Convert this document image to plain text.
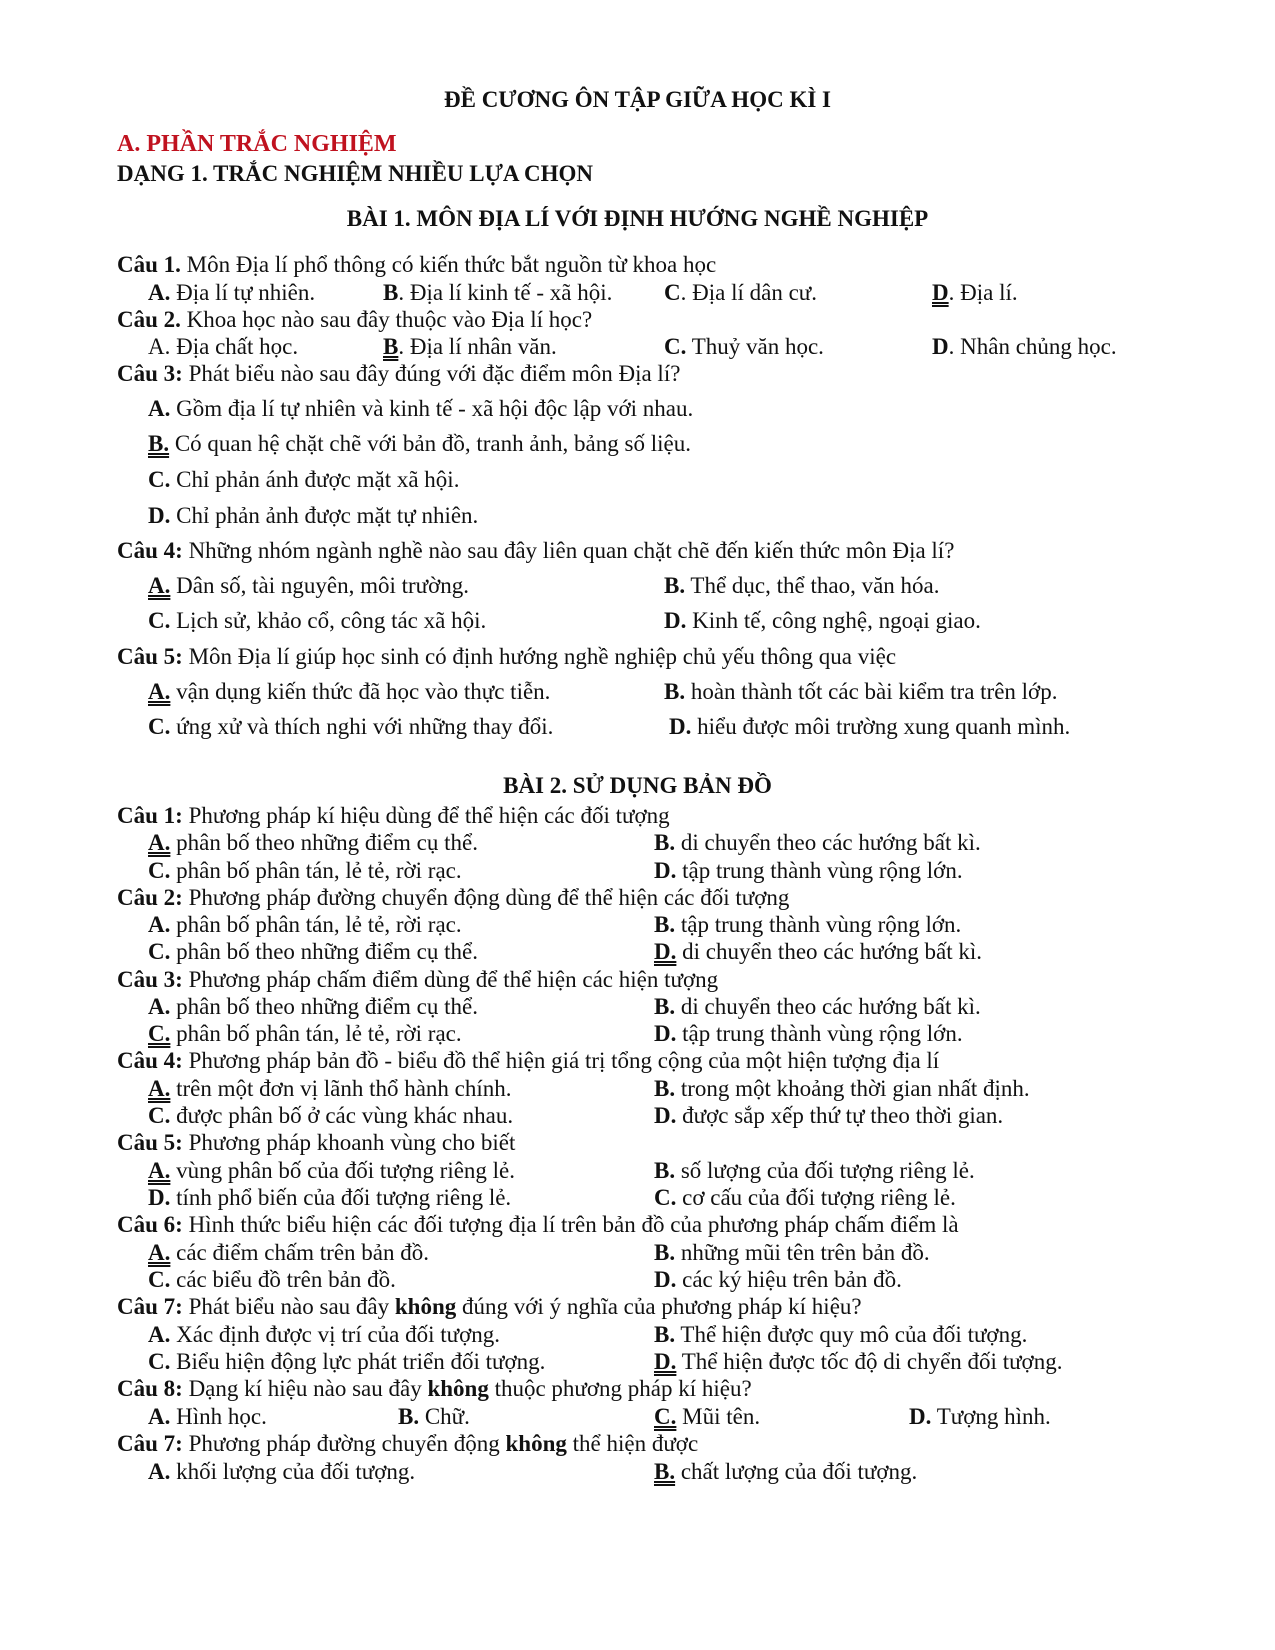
ĐỀ CƯƠNG ÔN TẬP GIỮA HỌC KÌ I
A. PHẦN TRẮC NGHIỆM
DẠNG 1. TRẮC NGHIỆM NHIỀU LỰA CHỌN
BÀI 1. MÔN ĐỊA LÍ VỚI ĐỊNH HƯỚNG NGHỀ NGHIỆP
Câu 1. Môn Địa lí phổ thông có kiến thức bắt nguồn từ khoa học
A. Địa lí tự nhiên.	B. Địa lí kinh tế - xã hội. C. Địa lí dân cư.	D. Địa lí.
Câu 2. Khoa học nào sau đây thuộc vào Địa lí học?
A. Địa chất học.	B. Địa lí nhân văn.	C. Thuỷ văn học.	D. Nhân chủng học.
Câu 3: Phát biểu nào sau đây đúng với đặc điểm môn Địa lí?
A. Gồm địa lí tự nhiên và kinh tế - xã hội độc lập với nhau.
B. Có quan hệ chặt chẽ với bản đồ, tranh ảnh, bảng số liệu.
C. Chỉ phản ánh được mặt xã hội.
D. Chỉ phản ảnh được mặt tự nhiên.
Câu 4: Những nhóm ngành nghề nào sau đây liên quan chặt chẽ đến kiến thức môn Địa lí?
A. Dân số, tài nguyên, môi trường.	B. Thể dục, thể thao, văn hóa.
C. Lịch sử, khảo cổ, công tác xã hội.	D. Kinh tế, công nghệ, ngoại giao.
Câu 5: Môn Địa lí giúp học sinh có định hướng nghề nghiệp chủ yếu thông qua việc
A. vận dụng kiến thức đã học vào thực tiễn.	B. hoàn thành tốt các bài kiểm tra trên lớp.
C. ứng xử và thích nghi với những thay đổi.	D. hiểu được môi trường xung quanh mình.
BÀI 2. SỬ DỤNG BẢN ĐỒ
Câu 1: Phương pháp kí hiệu dùng để thể hiện các đối tượng
A. phân bố theo những điểm cụ thể.	B. di chuyển theo các hướng bất kì.
C. phân bố phân tán, lẻ tẻ, rời rạc.	D. tập trung thành vùng rộng lớn.
Câu 2: Phương pháp đường chuyển động dùng để thể hiện các đối tượng
A. phân bố phân tán, lẻ tẻ, rời rạc.	B. tập trung thành vùng rộng lớn.
C. phân bố theo những điểm cụ thể.	D. di chuyển theo các hướng bất kì.
Câu 3: Phương pháp chấm điểm dùng để thể hiện các hiện tượng
A. phân bố theo những điểm cụ thể.	B. di chuyển theo các hướng bất kì.
C. phân bố phân tán, lẻ tẻ, rời rạc.	D. tập trung thành vùng rộng lớn.
Câu 4: Phương pháp bản đồ - biểu đồ thể hiện giá trị tổng cộng của một hiện tượng địa lí
A. trên một đơn vị lãnh thổ hành chính.	B. trong một khoảng thời gian nhất định.
C. được phân bố ở các vùng khác nhau.	D. được sắp xếp thứ tự theo thời gian.
Câu 5: Phương pháp khoanh vùng cho biết
A. vùng phân bố của đối tượng riêng lẻ.	B. số lượng của đối tượng riêng lẻ.
D. tính phổ biến của đối tượng riêng lẻ.	C. cơ cấu của đối tượng riêng lẻ.
Câu 6: Hình thức biểu hiện các đối tượng địa lí trên bản đồ của phương pháp chấm điểm là
A. các điểm chấm trên bản đồ.	B. những mũi tên trên bản đồ.
C. các biểu đồ trên bản đồ.	D. các ký hiệu trên bản đồ.
Câu 7: Phát biểu nào sau đây không đúng với ý nghĩa của phương pháp kí hiệu?
A. Xác định được vị trí của đối tượng.	B. Thể hiện được quy mô của đối tượng.
C. Biểu hiện động lực phát triển đối tượng.	D. Thể hiện được tốc độ di chyển đối tượng.
Câu 8: Dạng kí hiệu nào sau đây không thuộc phương pháp kí hiệu?
A. Hình học.	B. Chữ.	C. Mũi tên.	D. Tượng hình.
Câu 7: Phương pháp đường chuyển động không thể hiện được
A. khối lượng của đối tượng.	B. chất lượng của đối tượng.
